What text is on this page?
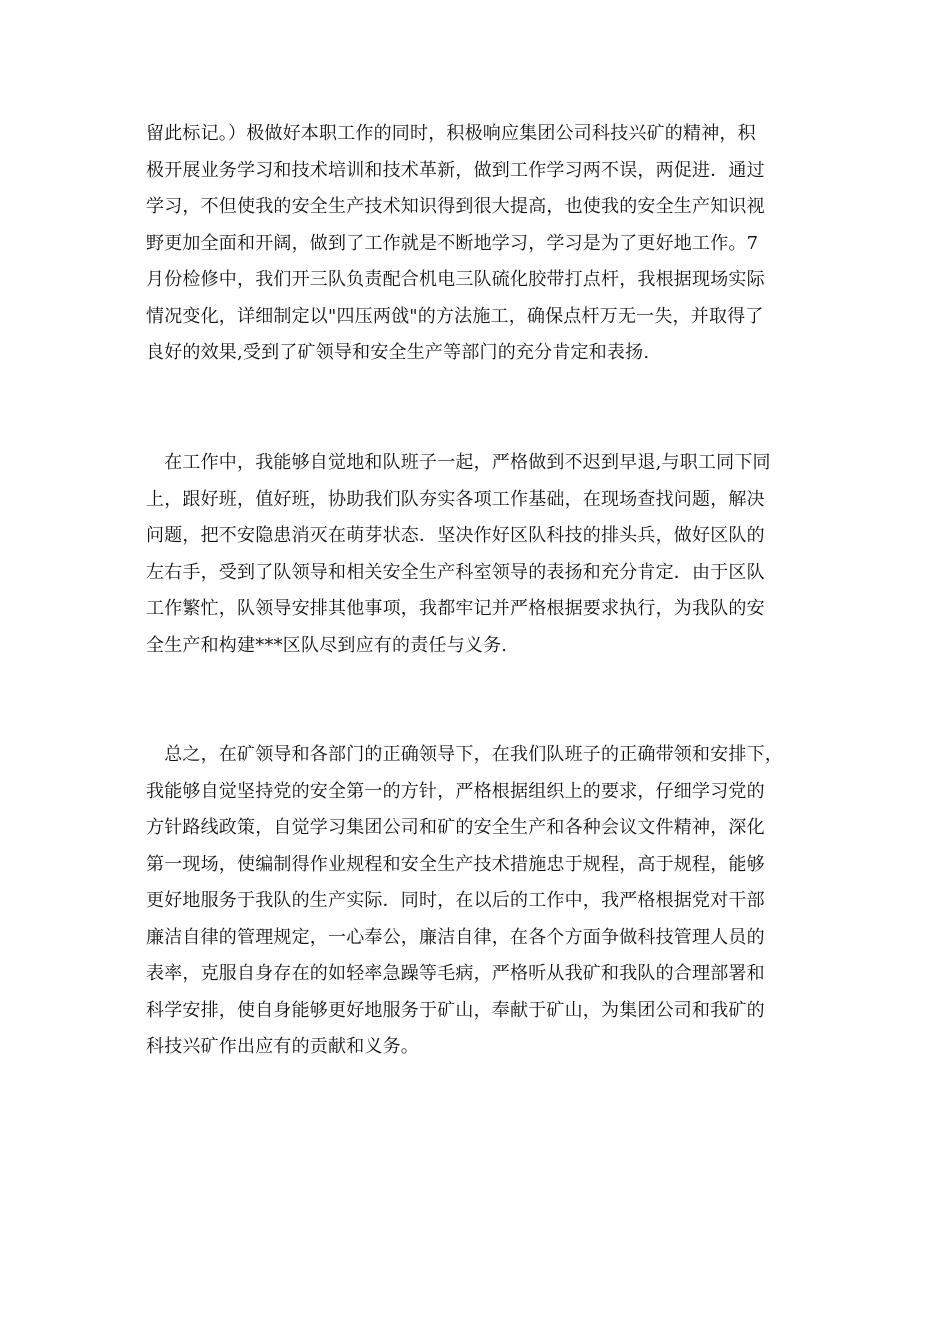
留此标记。）极做好本职工作的同时，积极响应集团公司科技兴矿的精神，积
极开展业务学习和技术培训和技术革新，做到工作学习两不误，两促进．通过
学习，不但使我的安全生产技术知识得到很大提高，也使我的安全生产知识视
野更加全面和开阔，做到了工作就是不断地学习，学习是为了更好地工作。7
月份检修中，我们开三队负责配合机电三队硫化胶带打点杆，我根据现场实际
情况变化，详细制定以"四压两戗"的方法施工，确保点杆万无一失，并取得了
良好的效果,受到了矿领导和安全生产等部门的充分肯定和表扬.
　在工作中，我能够自觉地和队班子一起，严格做到不迟到早退,与职工同下同
上，跟好班，值好班，协助我们队夯实各项工作基础，在现场查找问题，解决
问题，把不安隐患消灭在萌芽状态．坚决作好区队科技的排头兵，做好区队的
左右手，受到了队领导和相关安全生产科室领导的表扬和充分肯定．由于区队
工作繁忙，队领导安排其他事项，我都牢记并严格根据要求执行，为我队的安
全生产和构建***区队尽到应有的责任与义务.
　总之，在矿领导和各部门的正确领导下，在我们队班子的正确带领和安排下，
我能够自觉坚持党的安全第一的方针，严格根据组织上的要求，仔细学习党的
方针路线政策，自觉学习集团公司和矿的安全生产和各种会议文件精神，深化
第一现场，使编制得作业规程和安全生产技术措施忠于规程，高于规程，能够
更好地服务于我队的生产实际．同时，在以后的工作中，我严格根据党对干部
廉洁自律的管理规定，一心奉公，廉洁自律，在各个方面争做科技管理人员的
表率，克服自身存在的如轻率急躁等毛病，严格听从我矿和我队的合理部署和
科学安排，使自身能够更好地服务于矿山，奉献于矿山，为集团公司和我矿的
科技兴矿作出应有的贡献和义务。
